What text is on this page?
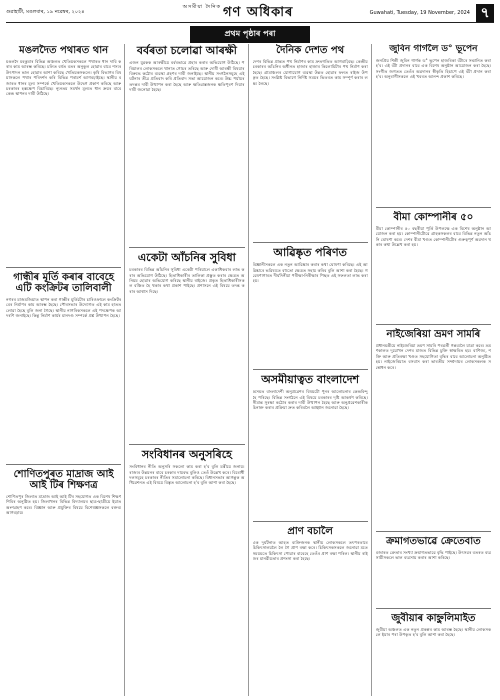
গুৱাহাটী, মঙলবাৰ, ১৯ নৱেম্বৰ, ২০২৪
অসমীয়া দৈনিক গণ অধিকাৰ	Guwahati, Tuesday, 19 November, 2024 ৭
প্ৰথম পৃষ্ঠাৰ পৰা
মঙলদৈত পথাৰত থান
মঙলদৈ মহকুমাৰ বিভিন্ন অঞ্চলত খেতিয়কসকলে পথাৰত ধান দাবি কৰাৰ কাম আৰম্ভ কৰিছে। চলিত বৰ্ষত বতৰ অনুকূল হোৱাৰ বাবে শস্যৰ উৎপাদন ভাল হোৱাৰ আশা কৰিছে খেতিয়কসকলে। কৃষি বিভাগৰ বিষয়াসকলে পথাৰ পৰিদৰ্শন কৰি বিভিন্ন পৰামৰ্শ আগবঢ়াইছে। স্থানীয় বজাৰত ধানৰ মূল্য সম্পৰ্কে খেতিয়কসকলে উদ্বেগ প্ৰকাশ কৰিছে আৰু চৰকাৰৰ হস্তক্ষেপ বিচাৰিছে। ন্যূনতম সমৰ্থন মূল্যত ধান ক্ৰয়ৰ বাবে কেন্দ্ৰ স্থাপনৰ দাবী উঠিছে।
গান্ধীৰ মূৰ্তি কৰাৰ বাবেহে এটি কংক্ৰিটৰ তালিবালী
নগৰৰ মাজমজিয়াত স্থাপন কৰা গান্ধীৰ মূৰ্তিটোৰ চাৰিওফালে কংক্ৰিটৰ বেৰ নিৰ্মাণৰ কাম আৰম্ভ হৈছে। পৌৰসভাৰ উদ্যোগত এই কাম হাতত লোৱা হৈছে বুলি জনা গৈছে। স্থানীয় নাগৰিকসকলে এই পদক্ষেপক আদৰণি জনাইছে। কিন্তু নিৰ্মাণ কাৰ্যৰ মানদণ্ড সম্পৰ্কে প্ৰশ্ন উত্থাপন হৈছে।
শোণিতপুৰত মাদ্ৰাজ আই আই টিৰ শিক্ষণত্ৰ
শোণিতপুৰ জিলাত মাদ্ৰাজ আই আই টিৰ সহযোগত এক বিশেষ শিক্ষণ শিবিৰ অনুষ্ঠিত হয়। জিলাখনৰ বিভিন্ন বিদ্যালয়ৰ ছাত্ৰ-ছাত্ৰীয়ে ইয়াত অংশগ্ৰহণ কৰে। বিজ্ঞান আৰু প্ৰযুক্তিৰ বিষয়ে বিশেষজ্ঞসকলে বক্তব্য আগবঢ়ায়।
বৰ্বৰতা চলোৱা আৰক্ষী
এজন যুৱকক আৰক্ষীয়ে বৰ্বৰভাৱে প্ৰহাৰ কৰাৰ অভিযোগ উঠিছে। পৰিয়ালৰ লোকসকলে থানাত গোচৰ তৰিছে আৰু দোষী আৰক্ষী বিষয়াৰ বিৰুদ্ধে কঠোৰ ব্যৱস্থা গ্ৰহণৰ দাবী জনাইছে। স্থানীয় সংগঠনসমূহে এই ঘটনাৰ তীব্ৰ প্ৰতিবাদ কৰি প্ৰতিবাদ সভা আয়োজন কৰে। উচ্চ পৰ্যায়ৰ তদন্তৰ দাবী উত্থাপন কৰা হৈছে আৰু ক্ষতিগ্ৰস্তজনক ক্ষতিপূৰণ দিয়াৰ দাবী জনোৱা হৈছে।
একেটা আঁচনিৰ সুবিধা
চৰকাৰৰ বিভিন্ন আঁচনিৰ সুবিধা একেটা পৰিয়ালে একাধিকবাৰ লাভ কৰাৰ অভিযোগ উঠিছে। হিতাধিকাৰীৰ তালিকা প্ৰস্তুত কৰাৰ ক্ষেত্ৰত অনিয়ম হোৱাৰ অভিযোগ কৰিছে স্থানীয় ৰাইজে। প্ৰকৃত হিতাধিকাৰীসকল বঞ্চিত হৈ থকাৰ কথা প্ৰকাশ পাইছে। প্ৰশাসনে এই বিষয়ে তদন্ত কৰাৰ আশ্বাস দিছে।
সংবিধানৰ অনুসৰিহে
সংবিধানৰ নীতি অনুসৰি সকলো কাম কৰা হ'ব বুলি মন্ত্ৰীয়ে জনায়। ৰাজ্যৰ উন্নয়নৰ বাবে চৰকাৰ দায়বদ্ধ বুলিও তেওঁ উল্লেখ কৰে। বিৰোধী দলসমূহে চৰকাৰৰ নীতিৰ সমালোচনা কৰিছে। বিধানসভাৰ আগন্তুক অধিৱেশনত এই বিষয়ে বিস্তৃত আলোচনা হ'ব বুলি আশা কৰা হৈছে।
দৈনিক দেশত পথ
দেশৰ বিভিন্ন প্ৰান্তত পথ নিৰ্মাণৰ কাম দ্ৰুতগতিত আগবাঢ়িছে। কেন্দ্ৰীয় চৰকাৰৰ আঁচনিৰ অধীনত হাজাৰ হাজাৰ কিলোমিটাৰ পথ নিৰ্মাণ কৰা হৈছে। গ্ৰামাঞ্চলৰ যোগাযোগ ব্যৱস্থা উন্নত হোৱাৰ ফলত ৰাইজ উপকৃত হৈছে। সংশ্লিষ্ট বিভাগে নিৰ্দিষ্ট সময়ৰ ভিতৰত কাম সম্পূৰ্ণ কৰাৰ লক্ষ্য লৈছে।
আৱিষ্কৃত পৰিণত
বিজ্ঞানীসকলে এক নতুন আৱিষ্কাৰ কৰাৰ কথা ঘোষণা কৰিছে। এই আৱিষ্কাৰে ভৱিষ্যতে বহুতো ক্ষেত্ৰত সহায় কৰিব বুলি আশা কৰা হৈছে। গৱেষণাগাৰত দীৰ্ঘদিনীয়া পৰীক্ষা-নিৰীক্ষাৰ পিছত এই সফলতা লাভ কৰা হয়।
অসমীয়াত্বত বাংলাদেশ
অসমত বাংলাদেশী অনুপ্ৰৱেশৰ বিষয়টো পুনৰ আলোচনাৰ কেন্দ্ৰবিন্দু হৈ পৰিছে। বিভিন্ন সংগঠনে এই বিষয়ে চৰকাৰৰ দৃষ্টি আকৰ্ষণ কৰিছে। সীমান্ত সুৰক্ষা কঠোৰ কৰাৰ দাবী উত্থাপন হৈছে আৰু অনুপ্ৰৱেশকাৰীক চিনাক্ত কৰাৰ প্ৰক্ৰিয়া দ্ৰুত কৰিবলৈ আহ্বান জনোৱা হৈছে।
প্ৰাণ বচালৈ
এক দুৰ্ঘটনাত আহত ব্যক্তিজনক স্থানীয় লোকসকলে তৎপৰতাৰে চিকিৎসালয়লৈ লৈ গৈ প্ৰাণ ৰক্ষা কৰে। চিকিৎসকসকলে জনোৱা মতে সময়মতে চিকিৎসা পোৱাৰ বাবেহে তেওঁৰ প্ৰাণ ৰক্ষা পৰিল। স্থানীয় ৰাইজৰ মানৱীয়তাৰ প্ৰশংসা কৰা হৈছে।
জুবিন গাৰ্গলৈ ড° ভূপেন
জনপ্ৰিয় শিল্পী জুবিন গাৰ্গক ড° ভূপেন হাজৰিকা বঁটাৰে সন্মানিত কৰা হ'ব। এই বঁটা প্ৰদানৰ বাবে এক বিশেষ অনুষ্ঠান আয়োজন কৰা হৈছে। সংগীত জগতত তেওঁৰ অৱদানৰ স্বীকৃতি হিচাপে এই বঁটা প্ৰদান কৰা হ'ব। অনুৰাগীসকলে এই খবৰত আনন্দ প্ৰকাশ কৰিছে।
বীমা কোম্পানীৰ ৫০
বীমা কোম্পানীৰ ৫০ বছৰীয়া পূৰ্তি উপলক্ষে এক বিশেষ অনুষ্ঠান আয়োজন কৰা হয়। কোম্পানীটোৱে গ্ৰাহকসকলৰ বাবে বিভিন্ন নতুন আঁচনি ঘোষণা কৰে। দেশৰ বীমা খণ্ডত কোম্পানীটোৰ গুৰুত্বপূৰ্ণ অৱদান থকাৰ কথা উল্লেখ কৰা হয়।
নাইজেৰিয়া ভ্ৰমণ সামৰি
প্ৰধানমন্ত্ৰীয়ে নাইজেৰিয়া ভ্ৰমণ সামৰি পৰৱৰ্তী গন্তব্যলৈ যাত্ৰা কৰে। ভ্ৰমণকালত দুয়োখন দেশৰ মাজত বিভিন্ন চুক্তি স্বাক্ষৰিত হয়। বাণিজ্য, শক্তি আৰু প্ৰতিৰক্ষা খণ্ডত সহযোগিতা বৃদ্ধিৰ বাবে আলোচনা অনুষ্ঠিত হয়। নাইজেৰিয়াত বসবাস কৰা ভাৰতীয় সম্প্ৰদায়ৰ লোকসকলক সম্বোধন কৰে।
ক্ৰমাগতভাৱে ক্ৰেতেবাত
বজাৰত ক্ৰেতাৰ সংখ্যা ক্ৰমাগতভাৱে বৃদ্ধি পাইছে। উৎসৱৰ বতৰত ব্যৱসায়ীসকলে ভাল ব্যৱসায় কৰাৰ আশা কৰিছে।
জুবীয়াৰ কাহ্নুলিমাইত
জুবীয়া অঞ্চলত এক নতুন প্ৰকল্পৰ কাম আৰম্ভ হৈছে। স্থানীয় লোকসকলে ইয়াৰ পৰা উপকৃত হ'ব বুলি আশা কৰা হৈছে।
